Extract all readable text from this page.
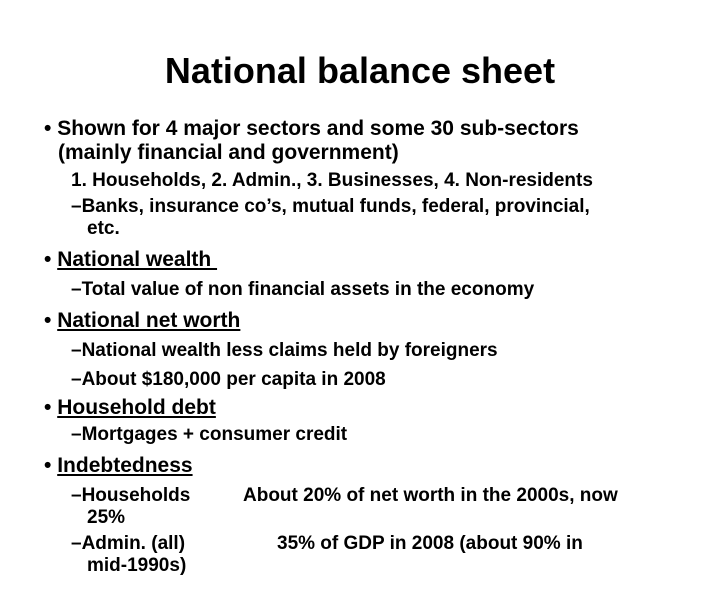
National balance sheet
• Shown for 4 major sectors and some 30 sub-sectors
(mainly financial and government)
1. Households, 2. Admin., 3. Businesses, 4. Non-residents
–Banks, insurance co’s, mutual funds, federal, provincial,
etc.
• National wealth
–Total value of non financial assets in the economy
• National net worth
–National wealth less claims held by foreigners
–About $180,000 per capita in 2008
• Household debt
–Mortgages + consumer credit
• Indebtedness
–Households	About 20% of net worth in the 2000s, now
25%
–Admin. (all)	35% of GDP in 2008 (about 90% in
mid-1990s)
